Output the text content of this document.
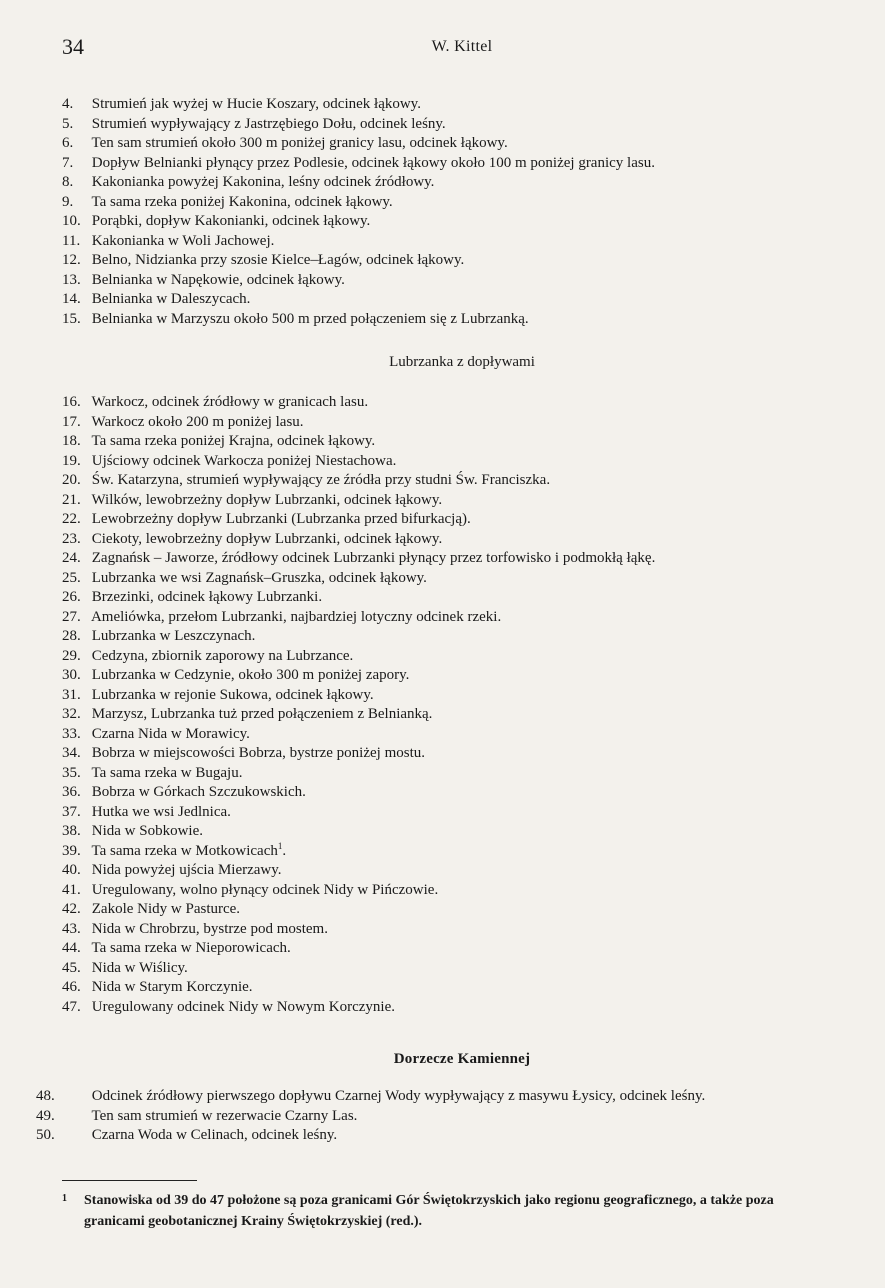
34	W. Kittel
4. Strumień jak wyżej w Hucie Koszary, odcinek łąkowy.
5. Strumień wypływający z Jastrzębiego Dołu, odcinek leśny.
6. Ten sam strumień około 300 m poniżej granicy lasu, odcinek łąkowy.
7. Dopływ Belnianki płynący przez Podlesie, odcinek łąkowy około 100 m poniżej granicy lasu.
8. Kakonianka powyżej Kakonina, leśny odcinek źródłowy.
9. Ta sama rzeka poniżej Kakonina, odcinek łąkowy.
10. Porąbki, dopływ Kakonianki, odcinek łąkowy.
11. Kakonianka w Woli Jachowej.
12. Belno, Nidzianka przy szosie Kielce–Łagów, odcinek łąkowy.
13. Belnianka w Napękowie, odcinek łąkowy.
14. Belnianka w Daleszycach.
15. Belnianka w Marzyszu około 500 m przed połączeniem się z Lubrzanką.
Lubrzanka z dopływami
16. Warkocz, odcinek źródłowy w granicach lasu.
17. Warkocz około 200 m poniżej lasu.
18. Ta sama rzeka poniżej Krajna, odcinek łąkowy.
19. Ujściowy odcinek Warkocza poniżej Niestachowa.
20. Św. Katarzyna, strumień wypływający ze źródła przy studni Św. Franciszka.
21. Wilków, lewobrzeżny dopływ Lubrzanki, odcinek łąkowy.
22. Lewobrzeżny dopływ Lubrzanki (Lubrzanka przed bifurkacją).
23. Ciekoty, lewobrzeżny dopływ Lubrzanki, odcinek łąkowy.
24. Zagnańsk – Jaworze, źródłowy odcinek Lubrzanki płynący przez torfowisko i podmokłą łąkę.
25. Lubrzanka we wsi Zagnańsk–Gruszka, odcinek łąkowy.
26. Brzezinki, odcinek łąkowy Lubrzanki.
27. Ameliówka, przełom Lubrzanki, najbardziej lotyczny odcinek rzeki.
28. Lubrzanka w Leszczynach.
29. Cedzyna, zbiornik zaporowy na Lubrzance.
30. Lubrzanka w Cedzynie, około 300 m poniżej zapory.
31. Lubrzanka w rejonie Sukowa, odcinek łąkowy.
32. Marzysz, Lubrzanka tuż przed połączeniem z Belnianką.
33. Czarna Nida w Morawicy.
34. Bobrza w miejscowości Bobrza, bystrze poniżej mostu.
35. Ta sama rzeka w Bugaju.
36. Bobrza w Górkach Szczukowskich.
37. Hutka we wsi Jedlnica.
38. Nida w Sobkowie.
39. Ta sama rzeka w Motkowicach$^1$.
40. Nida powyżej ujścia Mierzawy.
41. Uregulowany, wolno płynący odcinek Nidy w Pińczowie.
42. Zakole Nidy w Pasturce.
43. Nida w Chrobrzu, bystrze pod mostem.
44. Ta sama rzeka w Nieporowicach.
45. Nida w Wiślicy.
46. Nida w Starym Korczynie.
47. Uregulowany odcinek Nidy w Nowym Korczynie.
Dorzecze Kamiennej
48. Odcinek źródłowy pierwszego dopływu Czarnej Wody wypływający z masywu Łysicy, odcinek leśny.
49. Ten sam strumień w rezerwacie Czarny Las.
50. Czarna Woda w Celinach, odcinek leśny.
1	Stanowiska od 39 do 47 położone są poza granicami Gór Świętokrzyskich jako regionu geograficznego, a także poza granicami geobotanicznej Krainy Świętokrzyskiej (red.).
